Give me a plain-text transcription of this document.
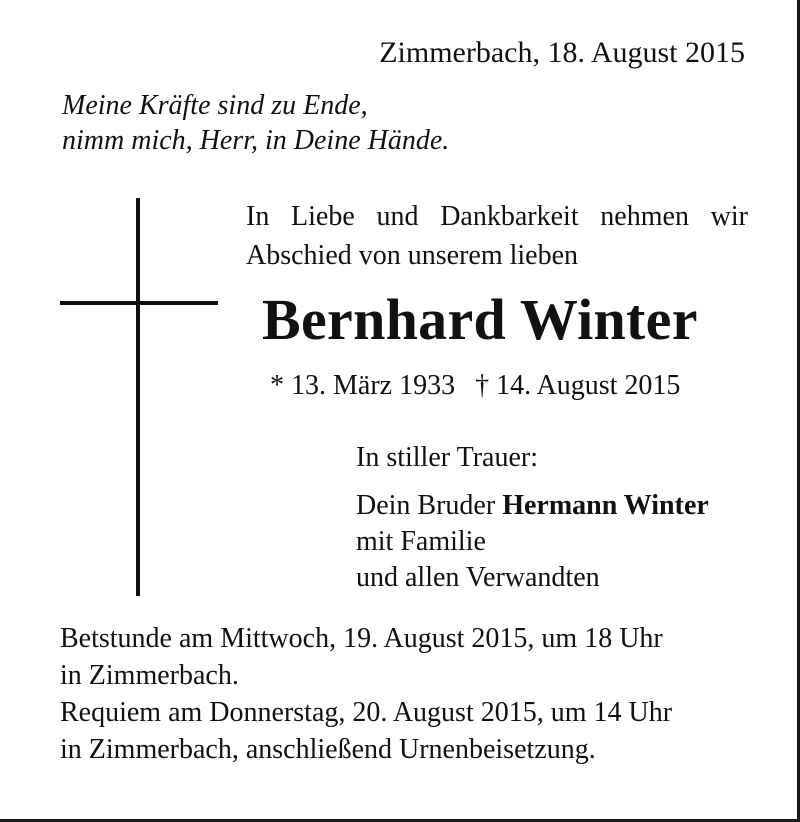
Zimmerbach, 18. August 2015
Meine Kräfte sind zu Ende,
nimm mich, Herr, in Deine Hände.
In Liebe und Dankbarkeit nehmen wir
Abschied von unserem lieben
Bernhard Winter
* 13. März 1933 † 14. August 2015
In stiller Trauer:
Dein Bruder Hermann Winter
mit Familie
und allen Verwandten
Betstunde am Mittwoch, 19. August 2015, um 18 Uhr
in Zimmerbach.
Requiem am Donnerstag, 20. August 2015, um 14 Uhr
in Zimmerbach, anschließend Urnenbeisetzung.
